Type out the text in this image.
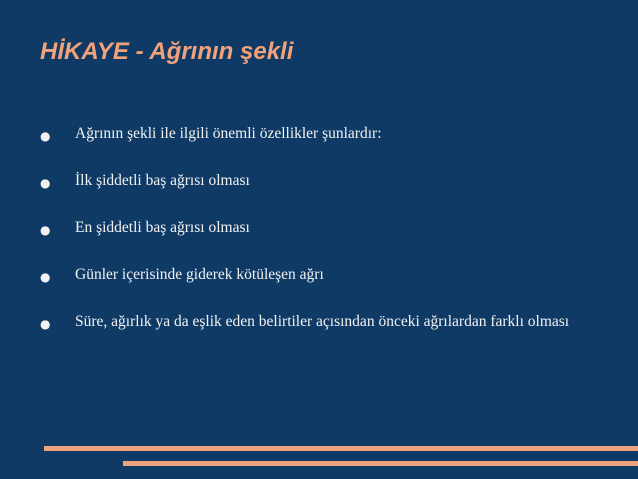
HİKAYE - Ağrının şekli
● Ağrının şekli ile ilgili önemli özellikler şunlardır:
● İlk şiddetli baş ağrısı olması
● En şiddetli baş ağrısı olması
● Günler içerisinde giderek kötüleşen ağrı
● Süre, ağırlık ya da eşlik eden belirtiler açısından önceki ağrılardan farklı olması
